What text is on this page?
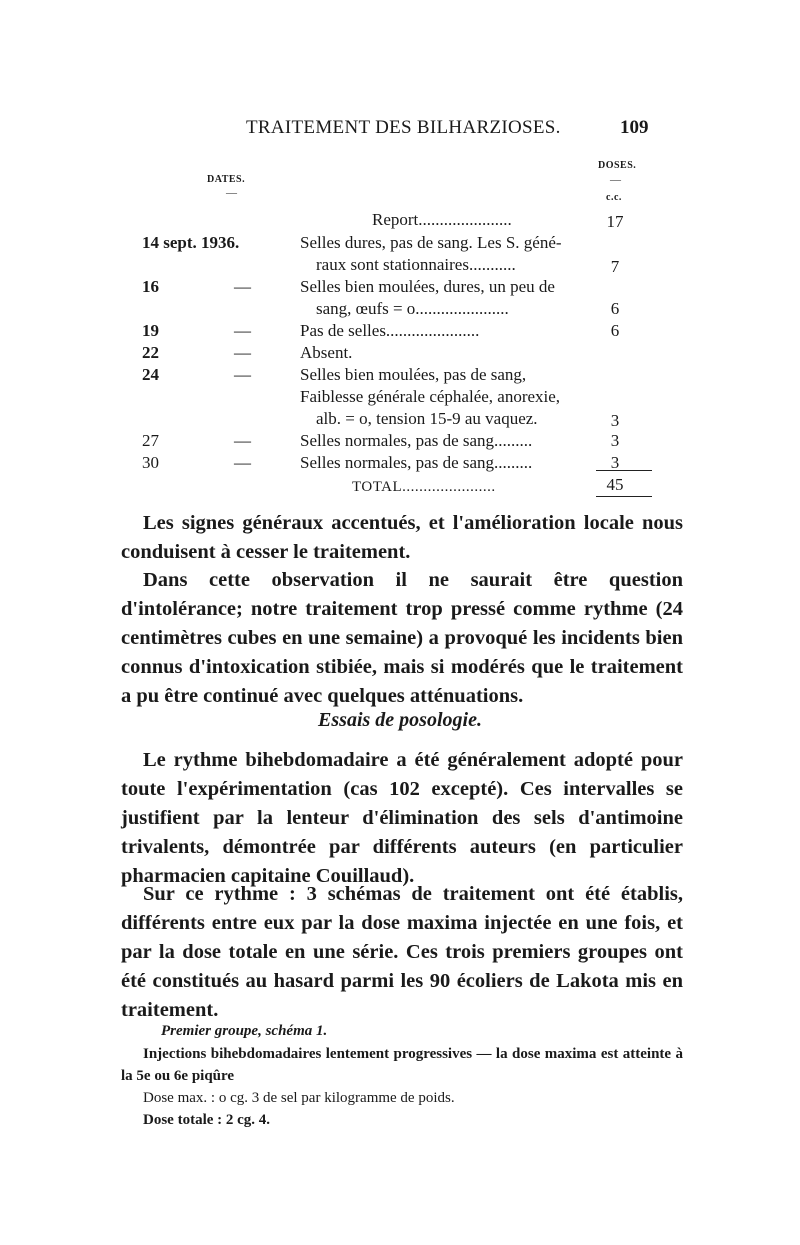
TRAITEMENT DES BILHARZIOSES.	109
DATES.
—
DOSES.
—
c.c.
Report......................	17
14 sept. 1936.	Selles dures, pas de sang. Les S. géné-
raux sont stationnaires...........	7
16	—	Selles bien moulées, dures, un peu de
sang, œufs = o......................	6
19	—	Pas de selles......................	6
22	—	Absent.
24	—	Selles bien moulées, pas de sang,
Faiblesse générale céphalée, anorexie,
alb. = o, tension 15-9 au vaquez.	3
27	—	Selles normales, pas de sang.........	3
30	—	Selles normales, pas de sang.........	3
TOTAL......................	45
Les signes généraux accentués, et l'amélioration locale nous conduisent à cesser le traitement.
Dans cette observation il ne saurait être question d'intolérance; notre traitement trop pressé comme rythme (24 centimètres cubes en une semaine) a provoqué les incidents bien connus d'intoxication stibiée, mais si modérés que le traitement a pu être continué avec quelques atténuations.
Essais de posologie.
Le rythme bihebdomadaire a été généralement adopté pour toute l'expérimentation (cas 102 excepté). Ces intervalles se justifient par la lenteur d'élimination des sels d'antimoine trivalents, démontrée par différents auteurs (en particulier pharmacien capitaine Couillaud).
Sur ce rythme : 3 schémas de traitement ont été établis, différents entre eux par la dose maxima injectée en une fois, et par la dose totale en une série. Ces trois premiers groupes ont été constitués au hasard parmi les 90 écoliers de Lakota mis en traitement.
Premier groupe, schéma 1.
Injections bihebdomadaires lentement progressives — la dose maxima est atteinte à la 5e ou 6e piqûre
Dose max. : o cg. 3 de sel par kilogramme de poids.
Dose totale : 2 cg. 4.
